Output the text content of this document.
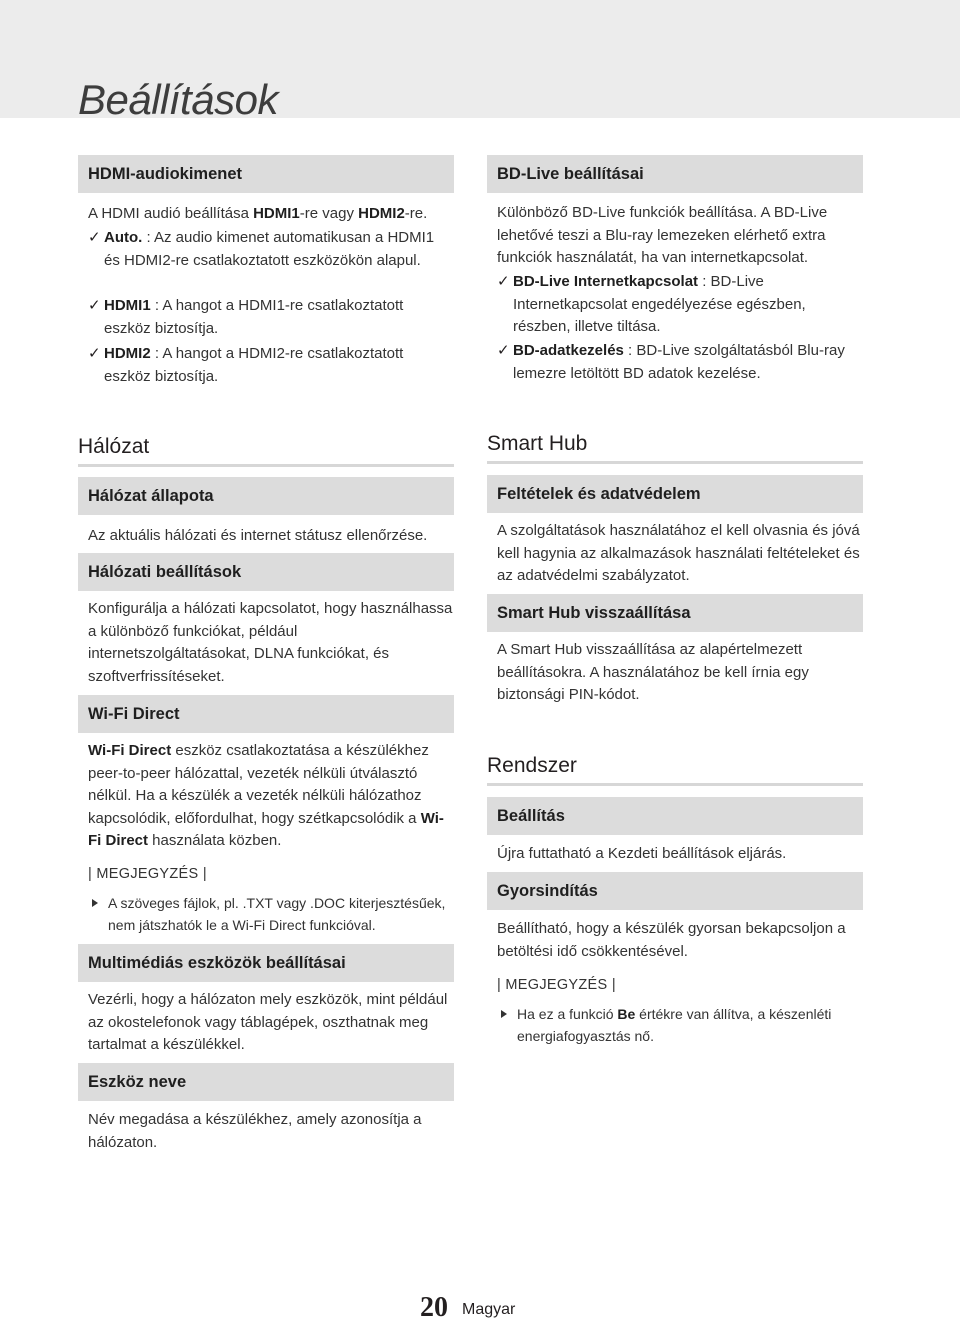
Beállítások
HDMI-audiokimenet

A HDMI audió beállítása HDMI1-re vagy HDMI2-re.

✓ Auto. : Az audio kimenet automatikusan a HDMI1 és HDMI2-re csatlakoztatott eszközökön alapul.
✓ HDMI1 : A hangot a HDMI1-re csatlakoztatott eszköz biztosítja.
✓ HDMI2 : A hangot a HDMI2-re csatlakoztatott eszköz biztosítja.
Hálózat
Hálózat állapota

Az aktuális hálózati és internet státusz ellenőrzése.

Hálózati beállítások

Konfigurálja a hálózati kapcsolatot, hogy használhassa a különböző funkciókat, például internetszolgáltatásokat, DLNA funkciókat, és szoftverfrissítéseket.

Wi-Fi Direct

Wi-Fi Direct eszköz csatlakoztatása a készülékhez peer-to-peer hálózattal, vezeték nélküli útválasztó nélkül. Ha a készülék a vezeték nélküli hálózathoz kapcsolódik, előfordulhat, hogy szétkapcsolódik a Wi-Fi Direct használata közben.

| MEGJEGYZÉS |

A szöveges fájlok, pl. .TXT vagy .DOC kiterjesztésűek, nem játszhatók le a Wi-Fi Direct funkcióval.
Multimédiás eszközök beállításai

Vezérli, hogy a hálózaton mely eszközök, mint például az okostelefonok vagy táblagépek, oszthatnak meg tartalmat a készülékkel.

Eszköz neve

Név megadása a készülékhez, amely azonosítja a hálózaton.

BD-Live beállításai

Különböző BD-Live funkciók beállítása. A BD-Live lehetővé teszi a Blu-ray lemezeken elérhető extra funkciók használatát, ha van internetkapcsolat.

✓ BD-Live Internetkapcsolat : BD-Live Internetkapcsolat engedélyezése egészben, részben, illetve tiltása.
✓ BD-adatkezelés : BD-Live szolgáltatásból Blu-ray lemezre letöltött BD adatok kezelése.
Smart Hub
Feltételek és adatvédelem

A szolgáltatások használatához el kell olvasnia és jóvá kell hagynia az alkalmazások használati feltételeket és az adatvédelmi szabályzatot.

Smart Hub visszaállítása

A Smart Hub visszaállítása az alapértelmezett beállításokra. A használatához be kell írnia egy biztonsági PIN-kódot.

Rendszer
Beállítás

Újra futtatható a Kezdeti beállítások eljárás.

Gyorsindítás

Beállítható, hogy a készülék gyorsan bekapcsoljon a betöltési idő csökkentésével.

| MEGJEGYZÉS |

Ha ez a funkció Be értékre van állítva, a készenléti energiafogyasztás nő.
20 Magyar
